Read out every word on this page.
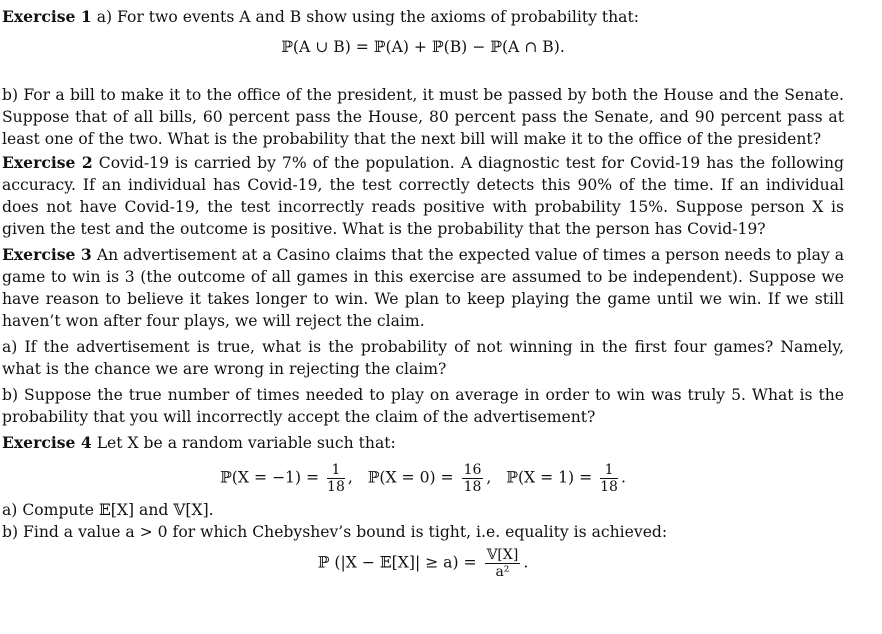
Exercise 1 a) For two events A and B show using the axioms of probability that:

ℙ(A ∪ B) = ℙ(A) + ℙ(B) − ℙ(A ∩ B).

b) For a bill to make it to the office of the president, it must be passed by both the House and the Senate. Suppose that of all bills, 60 percent pass the House, 80 percent pass the Senate, and 90 percent pass at least one of the two. What is the probability that the next bill will make it to the office of the president?

Exercise 2 Covid-19 is carried by 7% of the population. A diagnostic test for Covid-19 has the following accuracy. If an individual has Covid-19, the test correctly detects this 90% of the time. If an individual does not have Covid-19, the test incorrectly reads positive with probability 15%. Suppose person X is given the test and the outcome is positive. What is the probability that the person has Covid-19?

Exercise 3 An advertisement at a Casino claims that the expected value of times a person needs to play a game to win is 3 (the outcome of all games in this exercise are assumed to be independent). Suppose we have reason to believe it takes longer to win. We plan to keep playing the game until we win. If we still haven’t won after four plays, we will reject the claim.

a) If the advertisement is true, what is the probability of not winning in the first four games? Namely, what is the chance we are wrong in rejecting the claim?

b) Suppose the true number of times needed to play on average in order to win was truly 5. What is the probability that you will incorrectly accept the claim of the advertisement?

Exercise 4 Let X be a random variable such that:

ℙ(X = $-1) = \frac{1}{18}$ ,   ℙ(X = $0) = \frac{16}{18}$ ,   ℙ(X = $1) = \frac{1}{18}$ .

a) Compute 𝔼[X] and 𝕍[X].

b) Find a value a > 0 for which Chebyshev’s bound is tight, i.e. equality is achieved:

ℙ (|X − 𝔼[X]| ≥ $a) = \frac{\text{𝕍[X]}}{\text{a²}}$ .
